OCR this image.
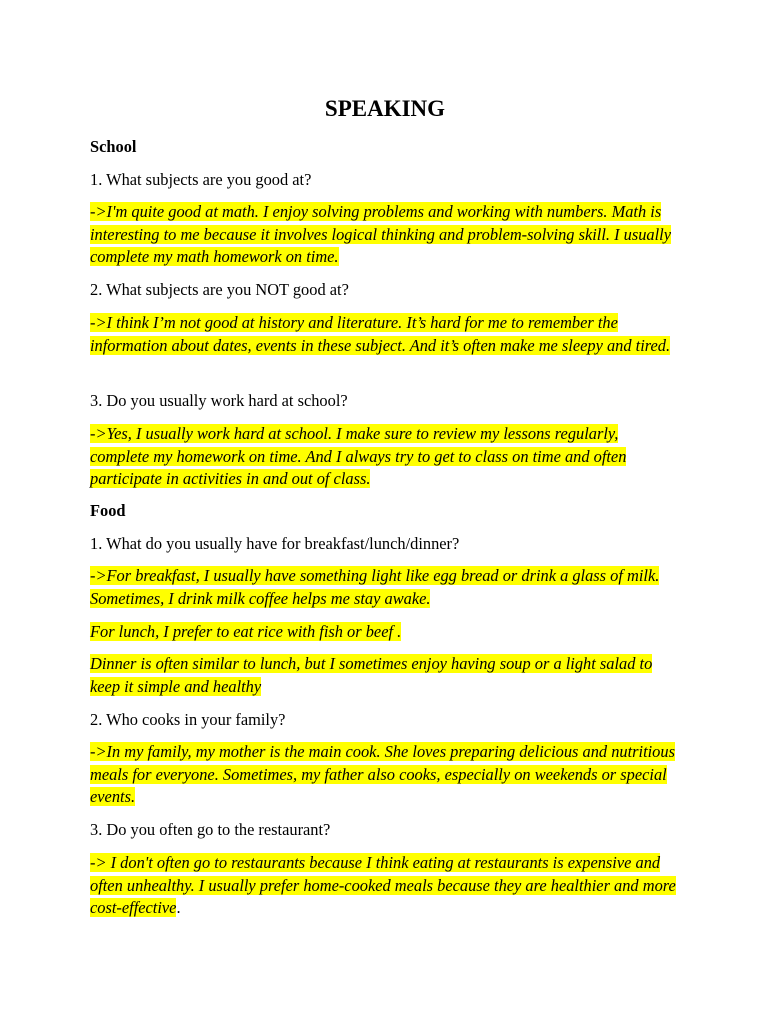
SPEAKING

School

1. What subjects are you good at?

->I'm quite good at math. I enjoy solving problems and working with numbers. Math is interesting to me because it involves logical thinking and problem-solving skill. I usually complete my math homework on time.

2. What subjects are you NOT good at?

->I think I’m not good at history and literature. It’s hard for me to remember the information about dates, events in these subject. And it’s often make me sleepy and tired.

3. Do you usually work hard at school?

->Yes, I usually work hard at school. I make sure to review my lessons regularly, complete my homework on time. And I always try to get to class on time and often participate in activities in and out of class.

Food

1. What do you usually have for breakfast/lunch/dinner?

->For breakfast, I usually have something light like egg bread or drink a glass of milk. Sometimes, I drink milk coffee helps me stay awake.

For lunch, I prefer to eat rice with fish or beef .

Dinner is often similar to lunch, but I sometimes enjoy having soup or a light salad to keep it simple and healthy

2. Who cooks in your family?

->In my family, my mother is the main cook. She loves preparing delicious and nutritious meals for everyone. Sometimes, my father also cooks, especially on weekends or special events.

3. Do you often go to the restaurant?

-> I don't often go to restaurants because I think eating at restaurants is expensive and often unhealthy. I usually prefer home-cooked meals because they are healthier and more cost-effective.
